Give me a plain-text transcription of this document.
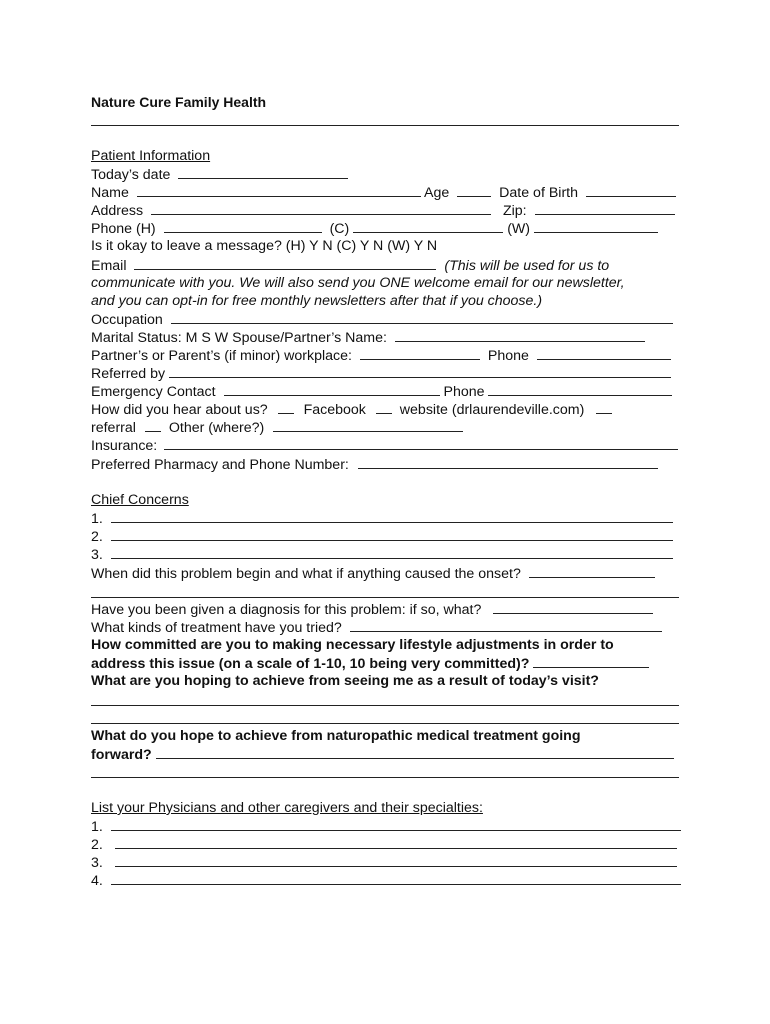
Nature Cure Family Health
Patient Information
Today’s date
Name	Age	Date of Birth
Address	Zip:
Phone (H)	(C)	(W)
Is it okay to leave a message? (H) Y N (C) Y N (W) Y N
Email	(This will be used for us to
communicate with you. We will also send you ONE welcome email for our newsletter,
and you can opt-in for free monthly newsletters after that if you choose.)
Occupation
Marital Status: M S W Spouse/Partner’s Name:
Partner’s or Parent’s (if minor) workplace:	Phone
Referred by
Emergency Contact	Phone
How did you hear about us?	Facebook website (drlaurendeville.com)
referral Other (where?)
Insurance:
Preferred Pharmacy and Phone Number:
Chief Concerns
1.
2.
3.
When did this problem begin and what if anything caused the onset?
Have you been given a diagnosis for this problem: if so, what?
What kinds of treatment have you tried?
How committed are you to making necessary lifestyle adjustments in order to
address this issue (on a scale of 1-10, 10 being very committed)?
What are you hoping to achieve from seeing me as a result of today’s visit?
What do you hope to achieve from naturopathic medical treatment going
forward?
List your Physicians and other caregivers and their specialties:
1.
2.
3.
4.
